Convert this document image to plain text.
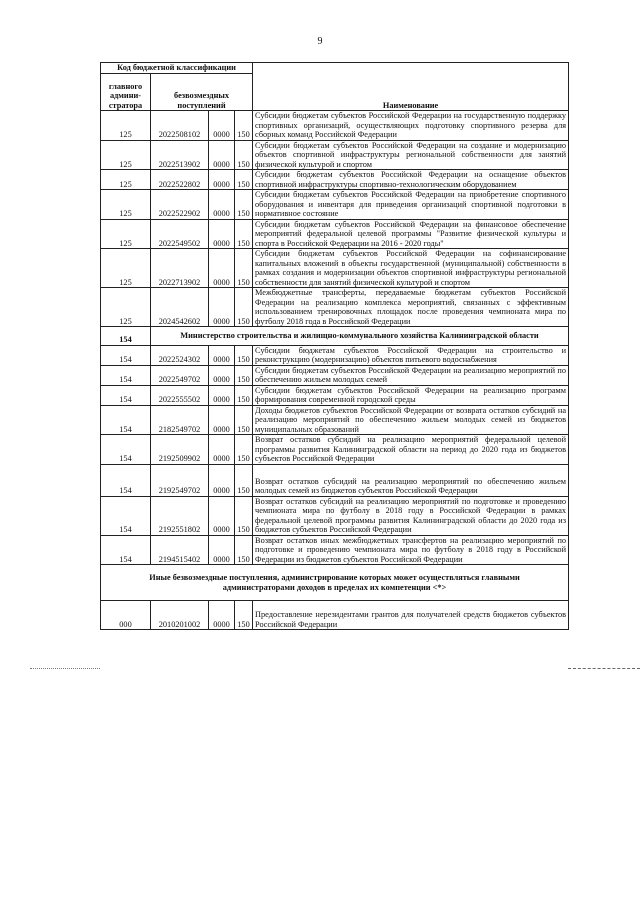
9
Код бюджетной классификации				Наименование
главного админи-стратора	безвозмездных поступлений			
125	2022508102	0000	150	Субсидии бюджетам субъектов Российской Федерации на государственную поддержку спортивных организаций, осуществляющих подготовку спортивного резерва для сборных команд Российской Федерации
125	2022513902	0000	150	Субсидии бюджетам субъектов Российской Федерации на создание и модернизацию объектов спортивной инфраструктуры региональной собственности для занятий физической культурой и спортом
125	2022522802	0000	150	Субсидии бюджетам субъектов Российской Федерации на оснащение объектов спортивной инфраструктуры спортивно-технологическим оборудованием
125	2022522902	0000	150	Субсидии бюджетам субъектов Российской Федерации на приобретение спортивного оборудования и инвентаря для приведения организаций спортивной подготовки в нормативное состояние
125	2022549502	0000	150	Субсидии бюджетам субъектов Российской Федерации на финансовое обеспечение мероприятий федеральной целевой программы "Развитие физической культуры и спорта в Российской Федерации на 2016 - 2020 годы"
125	2022713902	0000	150	Субсидии бюджетам субъектов Российской Федерации на софинансирование капитальных вложений в объекты государственной (муниципальной) собственности в рамках создания и модернизации объектов спортивной инфраструктуры региональной собственности для занятий физической культурой и спортом
125	2024542602	0000	150	Межбюджетные трансферты, передаваемые бюджетам субъектов Российской Федерации на реализацию комплекса мероприятий, связанных с эффективным использованием тренировочных площадок после проведения чемпионата мира по футболу 2018 года в Российской Федерации
154	Министерство строительства и жилищно-коммунального хозяйства Калининградской области			
154	2022524302	0000	150	Субсидии бюджетам субъектов Российской Федерации на строительство и реконструкцию (модернизацию) объектов питьевого водоснабжения
154	2022549702	0000	150	Субсидии бюджетам субъектов Российской Федерации на реализацию мероприятий по обеспечению жильем молодых семей
154	2022555502	0000	150	Субсидии бюджетам субъектов Российской Федерации на реализацию программ формирования современной городской среды
154	2182549702	0000	150	Доходы бюджетов субъектов Российской Федерации от возврата остатков субсидий на реализацию мероприятий по обеспечению жильем молодых семей из бюджетов муниципальных образований
154	2192509902	0000	150	Возврат остатков субсидий на реализацию мероприятий федеральной целевой программы развития Калининградской области на период до 2020 года из бюджетов субъектов Российской Федерации
154	2192549702	0000	150	Возврат остатков субсидий на реализацию мероприятий по обеспечению жильем молодых семей из бюджетов субъектов Российской Федерации
154	2192551802	0000	150	Возврат остатков субсидий на реализацию мероприятий по подготовке и проведению чемпионата мира по футболу в 2018 году в Российской Федерации в рамках федеральной целевой программы развития Калининградской области до 2020 года из бюджетов субъектов Российской Федерации
154	2194515402	0000	150	Возврат остатков иных межбюджетных трансфертов на реализацию мероприятий по подготовке и проведению чемпионата мира по футболу в 2018 году в Российской Федерации из бюджетов субъектов Российской Федерации
Иные безвозмездные поступления, администрирование которых может осуществляться главными администраторами доходов в пределах их компетенции <*>				
000	2010201002	0000	150	Предоставление нерезидентами грантов для получателей средств бюджетов субъектов Российской Федерации
